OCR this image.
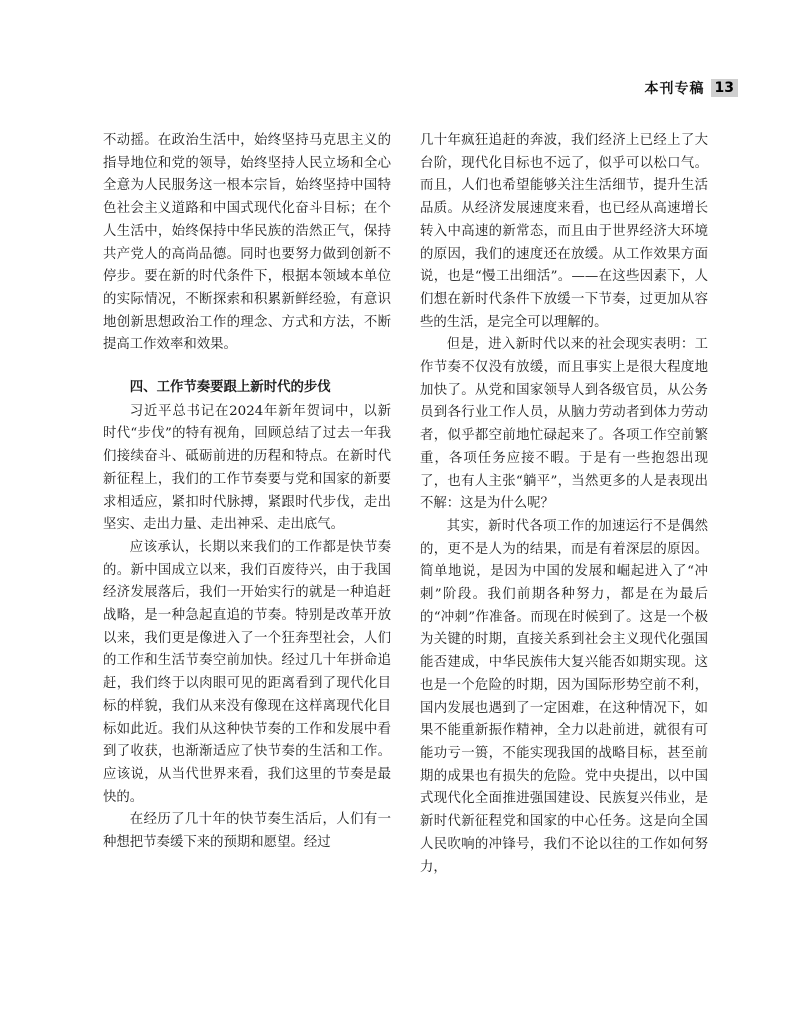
本刊专稿 13

不动摇。在政治生活中，始终坚持马克思主义的指导地位和党的领导，始终坚持人民立场和全心全意为人民服务这一根本宗旨，始终坚持中国特色社会主义道路和中国式现代化奋斗目标；在个人生活中，始终保持中华民族的浩然正气，保持共产党人的高尚品德。同时也要努力做到创新不停步。要在新的时代条件下，根据本领域本单位的实际情况，不断探索和积累新鲜经验，有意识地创新思想政治工作的理念、方式和方法，不断提高工作效率和效果。

四、工作节奏要跟上新时代的步伐

习近平总书记在2024年新年贺词中，以新时代“步伐”的特有视角，回顾总结了过去一年我们接续奋斗、砥砺前进的历程和特点。在新时代新征程上，我们的工作节奏要与党和国家的新要求相适应，紧扣时代脉搏，紧跟时代步伐，走出坚实、走出力量、走出神采、走出底气。

应该承认，长期以来我们的工作都是快节奏的。新中国成立以来，我们百废待兴，由于我国经济发展落后，我们一开始实行的就是一种追赶战略，是一种急起直追的节奏。特别是改革开放以来，我们更是像进入了一个狂奔型社会，人们的工作和生活节奏空前加快。经过几十年拼命追赶，我们终于以肉眼可见的距离看到了现代化目标的样貌，我们从来没有像现在这样离现代化目标如此近。我们从这种快节奏的工作和发展中看到了收获，也渐渐适应了快节奏的生活和工作。应该说，从当代世界来看，我们这里的节奏是最快的。

在经历了几十年的快节奏生活后，人们有一种想把节奏缓下来的预期和愿望。经过

几十年疯狂追赶的奔波，我们经济上已经上了大台阶，现代化目标也不远了，似乎可以松口气。而且，人们也希望能够关注生活细节，提升生活品质。从经济发展速度来看，也已经从高速增长转入中高速的新常态，而且由于世界经济大环境的原因，我们的速度还在放缓。从工作效果方面说，也是“慢工出细活”。——在这些因素下，人们想在新时代条件下放缓一下节奏，过更加从容些的生活，是完全可以理解的。

但是，进入新时代以来的社会现实表明：工作节奏不仅没有放缓，而且事实上是很大程度地加快了。从党和国家领导人到各级官员，从公务员到各行业工作人员，从脑力劳动者到体力劳动者，似乎都空前地忙碌起来了。各项工作空前繁重，各项任务应接不暇。于是有一些抱怨出现了，也有人主张“躺平”，当然更多的人是表现出不解：这是为什么呢？

其实，新时代各项工作的加速运行不是偶然的，更不是人为的结果，而是有着深层的原因。简单地说，是因为中国的发展和崛起进入了“冲刺”阶段。我们前期各种努力，都是在为最后的“冲刺”作准备。而现在时候到了。这是一个极为关键的时期，直接关系到社会主义现代化强国能否建成，中华民族伟大复兴能否如期实现。这也是一个危险的时期，因为国际形势空前不利，国内发展也遇到了一定困难，在这种情况下，如果不能重新振作精神，全力以赴前进，就很有可能功亏一篑，不能实现我国的战略目标，甚至前期的成果也有损失的危险。党中央提出，以中国式现代化全面推进强国建设、民族复兴伟业，是新时代新征程党和国家的中心任务。这是向全国人民吹响的冲锋号，我们不论以往的工作如何努力，
